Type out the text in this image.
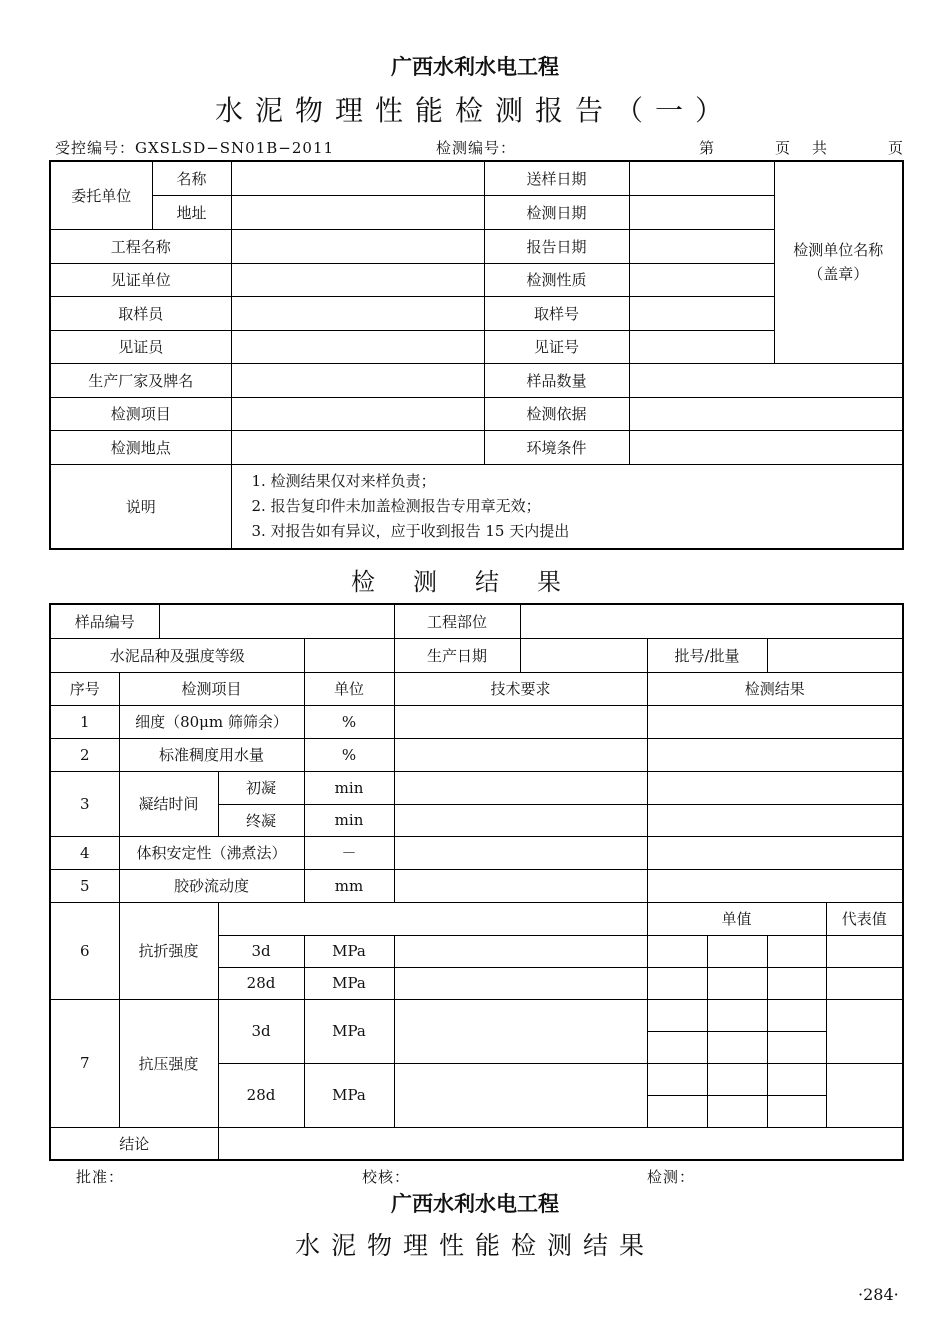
广西水利水电工程
水泥物理性能检测报告（一）
受控编号：GXSLSD−SN01B−2011	检测编号：	第	页 共	页
委托单位	名称		送样日期		检测单位名称
（盖章）

	地址		检测日期		
工程名称			报告日期		
见证单位			检测性质		
取样员			取样号		
见证员			见证号		
生产厂家及牌名			样品数量		
检测项目			检测依据		
检测地点			环境条件		
说明		1. 检测结果仅对来样负责；
2. 报告复印件未加盖检测报告专用章无效；
3. 对报告如有异议，应于收到报告 15 天内提出			
检测结果
样品编号					工程部位					
水泥品种及强度等级					生产日期		批号/批量			
序号	检测项目			单位	技术要求		检测结果			
1	细度（80μm 筛筛余）			%						
2	标准稠度用水量			%						
3	凝结时间		初凝	min						
			终凝	min						
4	体积安定性（沸煮法）			－						
5	胶砂流动度			mm						
6	抗折强度						单值			代表值
			3d	MPa						
			28d	MPa						
7	抗压强度		3d	MPa						

			28d	MPa						

结论										
批准：	校核：	检测：
广西水利水电工程
水泥物理性能检测结果
·284·
